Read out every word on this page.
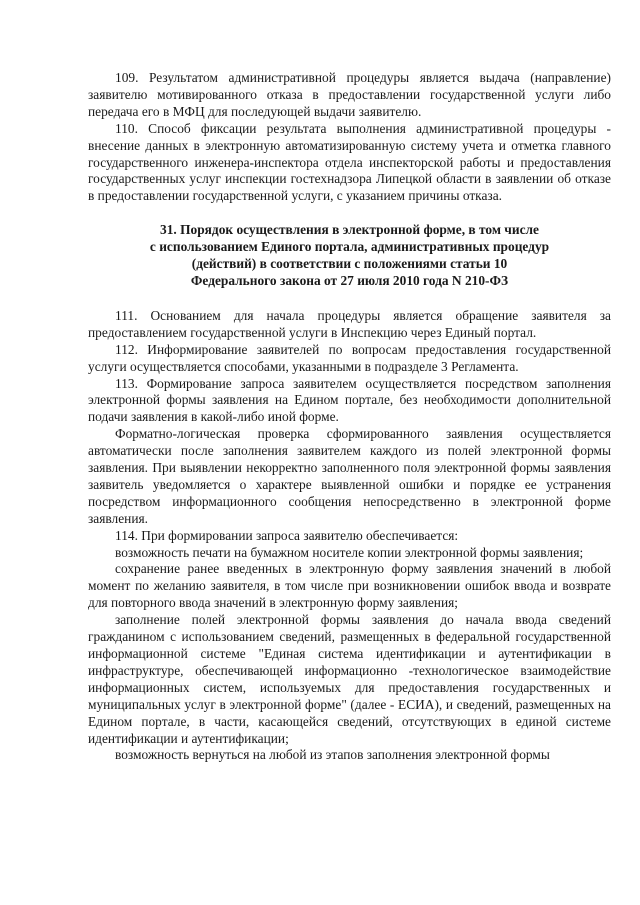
109. Результатом административной процедуры является выдача (направление) заявителю мотивированного отказа в предоставлении государственной услуги либо передача его в МФЦ для последующей выдачи заявителю.

110. Способ фиксации результата выполнения административной процедуры - внесение данных в электронную автоматизированную систему учета и отметка главного государственного инженера-инспектора отдела инспекторской работы и предоставления государственных услуг инспекции гостехнадзора Липецкой области в заявлении об отказе в предоставлении государственной услуги, с указанием причины отказа.

31. Порядок осуществления в электронной форме, в том числе
с использованием Единого портала, административных процедур
(действий) в соответствии с положениями статьи 10
Федерального закона от 27 июля 2010 года N 210-ФЗ

111. Основанием для начала процедуры является обращение заявителя за предоставлением государственной услуги в Инспекцию через Единый портал.

112. Информирование заявителей по вопросам предоставления государственной услуги осуществляется способами, указанными в подразделе 3 Регламента.

113. Формирование запроса заявителем осуществляется посредством заполнения электронной формы заявления на Едином портале, без необходимости дополнительной подачи заявления в какой-либо иной форме.

Форматно-логическая проверка сформированного заявления осуществляется автоматически после заполнения заявителем каждого из полей электронной формы заявления. При выявлении некорректно заполненного поля электронной формы заявления заявитель уведомляется о характере выявленной ошибки и порядке ее устранения посредством информационного сообщения непосредственно в электронной форме заявления.

114. При формировании запроса заявителю обеспечивается:

возможность печати на бумажном носителе копии электронной формы заявления;

сохранение ранее введенных в электронную форму заявления значений в любой момент по желанию заявителя, в том числе при возникновении ошибок ввода и возврате для повторного ввода значений в электронную форму заявления;

заполнение полей электронной формы заявления до начала ввода сведений гражданином с использованием сведений, размещенных в федеральной государственной информационной системе "Единая система идентификации и аутентификации в инфраструктуре, обеспечивающей информационно -технологическое взаимодействие информационных систем, используемых для предоставления государственных и муниципальных услуг в электронной форме" (далее - ЕСИА), и сведений, размещенных на Едином портале, в части, касающейся сведений, отсутствующих в единой системе идентификации и аутентификации;

возможность вернуться на любой из этапов заполнения электронной формы
